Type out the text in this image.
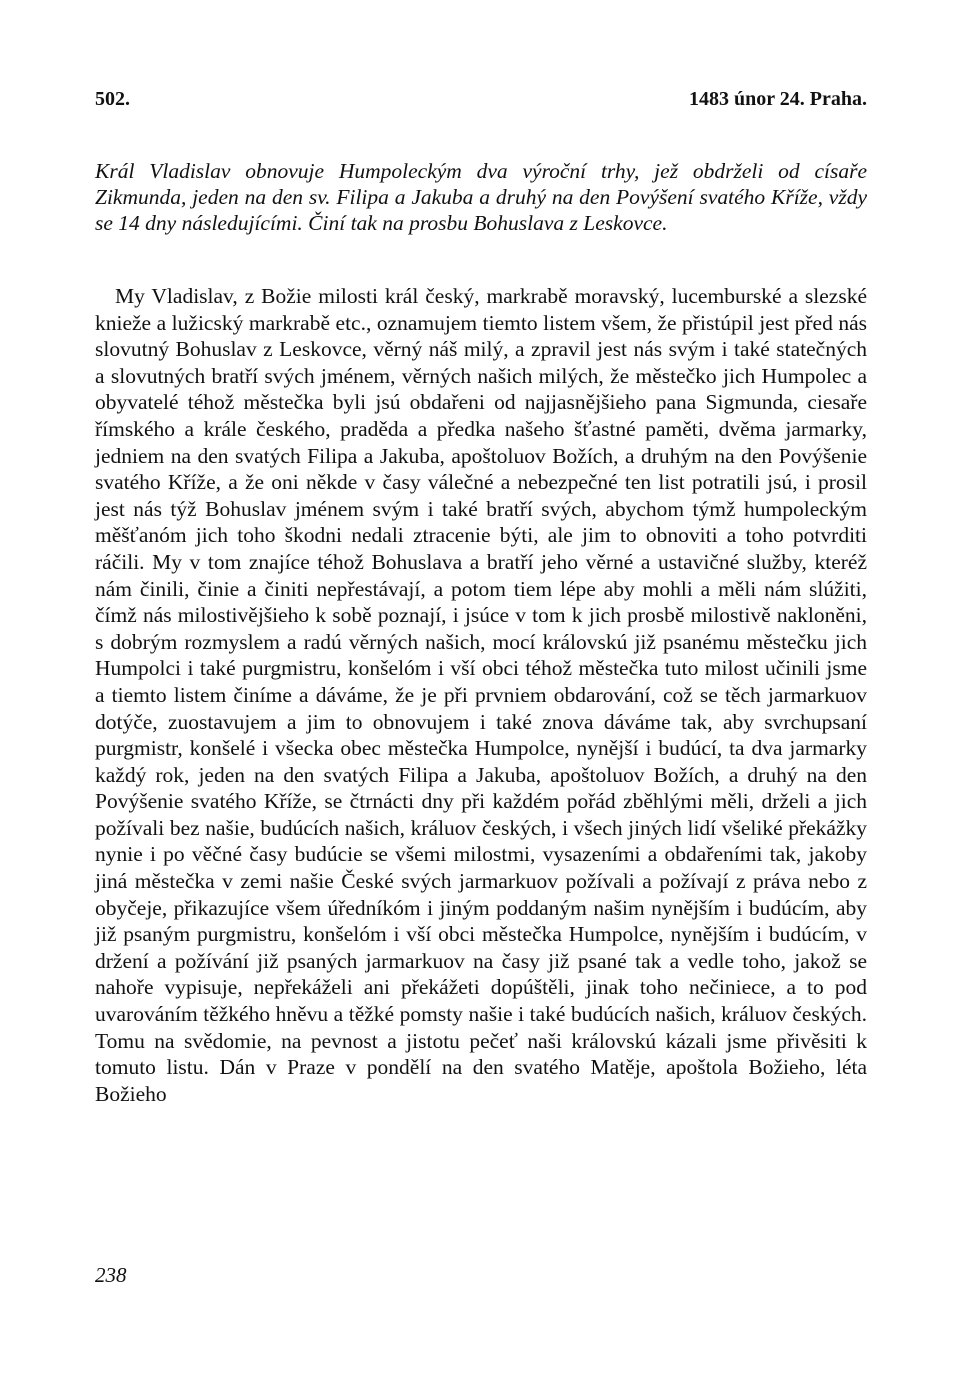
502.	1483 únor 24. Praha.
Král Vladislav obnovuje Humpoleckým dva výroční trhy, jež obdrželi od císaře Zikmunda, jeden na den sv. Filipa a Jakuba a druhý na den Povýšení svatého Kříže, vždy se 14 dny následujícími. Činí tak na prosbu Bohuslava z Leskovce.
My Vladislav, z Božie milosti král český, markrabě moravský, lucemburské a slezské knieže a lužicský markrabě etc., oznamujem tiemto listem všem, že přistúpil jest před nás slovutný Bohuslav z Leskovce, věrný náš milý, a zpravil jest nás svým i také statečných a slovutných bratří svých jménem, věrných našich milých, že městečko jich Humpolec a obyvatelé téhož městečka byli jsú obdařeni od najjasnějšieho pana Sigmunda, ciesaře římského a krále českého, praděda a předka našeho šťastné paměti, dvěma jarmarky, jedniem na den svatých Filipa a Jakuba, apoštoluov Božích, a druhým na den Povýšenie svatého Kříže, a že oni někde v časy válečné a nebezpečné ten list potratili jsú, i prosil jest nás týž Bohuslav jménem svým i také bratří svých, abychom týmž humpoleckým měšťanóm jich toho škodni nedali ztracenie býti, ale jim to obnoviti a toho potvrditi ráčili. My v tom znajíce téhož Bohuslava a bratří jeho věrné a ustavičné služby, kteréž nám činili, činie a činiti nepřestávají, a potom tiem lépe aby mohli a měli nám slúžiti, čímž nás milostivějšieho k sobě poznají, i jsúce v tom k jich prosbě milostivě nakloněni, s dobrým rozmyslem a radú věrných našich, mocí královskú již psanému městečku jich Humpolci i také purgmistru, konšelóm i vší obci téhož městečka tuto milost učinili jsme a tiemto listem činíme a dáváme, že je při prvniem obdarování, což se těch jarmarkuov dotýče, zuostavujem a jim to obnovujem i také znova dáváme tak, aby svrchupsaní purgmistr, konšelé i všecka obec městečka Humpolce, nynější i budúcí, ta dva jarmarky každý rok, jeden na den svatých Filipa a Jakuba, apoštoluov Božích, a druhý na den Povýšenie svatého Kříže, se čtrnácti dny při každém pořád zběhlými měli, drželi a jich požívali bez našie, budúcích našich, králuov českých, i všech jiných lidí všeliké překážky nynie i po věčné časy budúcie se všemi milostmi, vysazeními a obdařeními tak, jakoby jiná městečka v zemi našie České svých jarmarkuov požívali a požívají z práva nebo z obyčeje, přikazujíce všem úředníkóm i jiným poddaným našim nynějším i budúcím, aby již psaným purgmistru, konšelóm i vší obci městečka Humpolce, nynějším i budúcím, v držení a požívání již psaných jarmarkuov na časy již psané tak a vedle toho, jakož se nahoře vypisuje, nepřekáželi ani překážeti dopúštěli, jinak toho nečiniece, a to pod uvarováním těžkého hněvu a těžké pomsty našie i také budúcích našich, králuov českých. Tomu na svědomie, na pevnost a jistotu pečeť naši královskú kázali jsme přivěsiti k tomuto listu. Dán v Praze v pondělí na den svatého Matěje, apoštola Božieho, léta Božieho
238
